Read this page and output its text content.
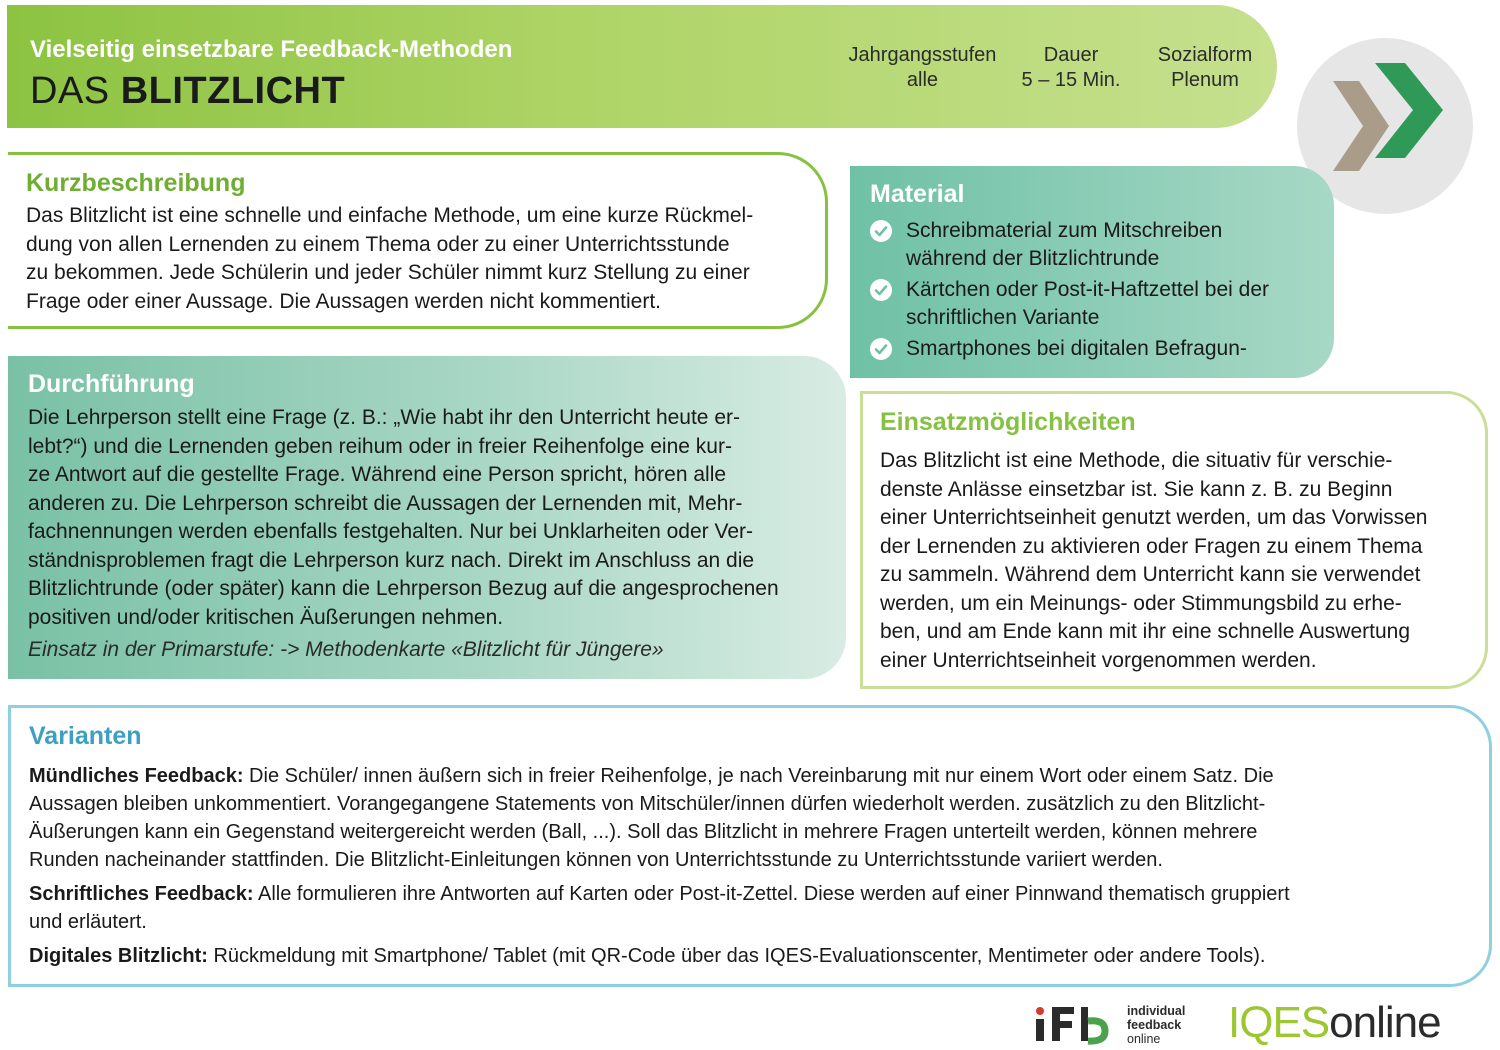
Vielseitig einsetzbare Feedback-Methoden
DAS BLITZLICHT
Jahrgangsstufen
alle
Dauer
5 – 15 Min.
Sozialform
Plenum
Kurzbeschreibung
Das Blitzlicht ist eine schnelle und einfache Methode, um eine kurze Rückmel-
dung von allen Lernenden zu einem Thema oder zu einer Unterrichtsstunde
zu bekommen. Jede Schülerin und jeder Schüler nimmt kurz Stellung zu einer
Frage oder einer Aussage. Die Aussagen werden nicht kommentiert.
Material
Schreibmaterial zum Mitschreiben
während der Blitzlichtrunde
Kärtchen oder Post-it-Haftzettel bei der
schriftlichen Variante
Smartphones bei digitalen Befragun-
Durchführung
Die Lehrperson stellt eine Frage (z. B.: „Wie habt ihr den Unterricht heute er-
lebt?“) und die Lernenden geben reihum oder in freier Reihenfolge eine kur-
ze Antwort auf die gestellte Frage. Während eine Person spricht, hören alle
anderen zu. Die Lehrperson schreibt die Aussagen der Lernenden mit, Mehr-
fachnennungen werden ebenfalls festgehalten. Nur bei Unklarheiten oder Ver-
ständnisproblemen fragt die Lehrperson kurz nach. Direkt im Anschluss an die
Blitzlichtrunde (oder später) kann die Lehrperson Bezug auf die angesprochenen
positiven und/oder kritischen Äußerungen nehmen.
Einsatz in der Primarstufe: -> Methodenkarte «Blitzlicht für Jüngere»
Einsatzmöglichkeiten
Das Blitzlicht ist eine Methode, die situativ für verschie-
denste Anlässe einsetzbar ist. Sie kann z. B. zu Beginn
einer Unterrichtseinheit genutzt werden, um das Vorwissen
der Lernenden zu aktivieren oder Fragen zu einem Thema
zu sammeln. Während dem Unterricht kann sie verwendet
werden, um ein Meinungs- oder Stimmungsbild zu erhe-
ben, und am Ende kann mit ihr eine schnelle Auswertung
einer Unterrichtseinheit vorgenommen werden.
Varianten
Mündliches Feedback: Die Schüler/ innen äußern sich in freier Reihenfolge, je nach Vereinbarung mit nur einem Wort oder einem Satz. Die
Aussagen bleiben unkommentiert. Vorangegangene Statements von Mitschüler/innen dürfen wiederholt werden. zusätzlich zu den Blitzlicht-
Äußerungen kann ein Gegenstand weitergereicht werden (Ball, ...). Soll das Blitzlicht in mehrere Fragen unterteilt werden, können mehrere
Runden nacheinander stattfinden. Die Blitzlicht-Einleitungen können von Unterrichtsstunde zu Unterrichtsstunde variiert werden.
Schriftliches Feedback: Alle formulieren ihre Antworten auf Karten oder Post-it-Zettel. Diese werden auf einer Pinnwand thematisch gruppiert
und erläutert.
Digitales Blitzlicht: Rückmeldung mit Smartphone/ Tablet (mit QR-Code über das IQES-Evaluationscenter, Mentimeter oder andere Tools).
individual
feedback
online	IQESonline
